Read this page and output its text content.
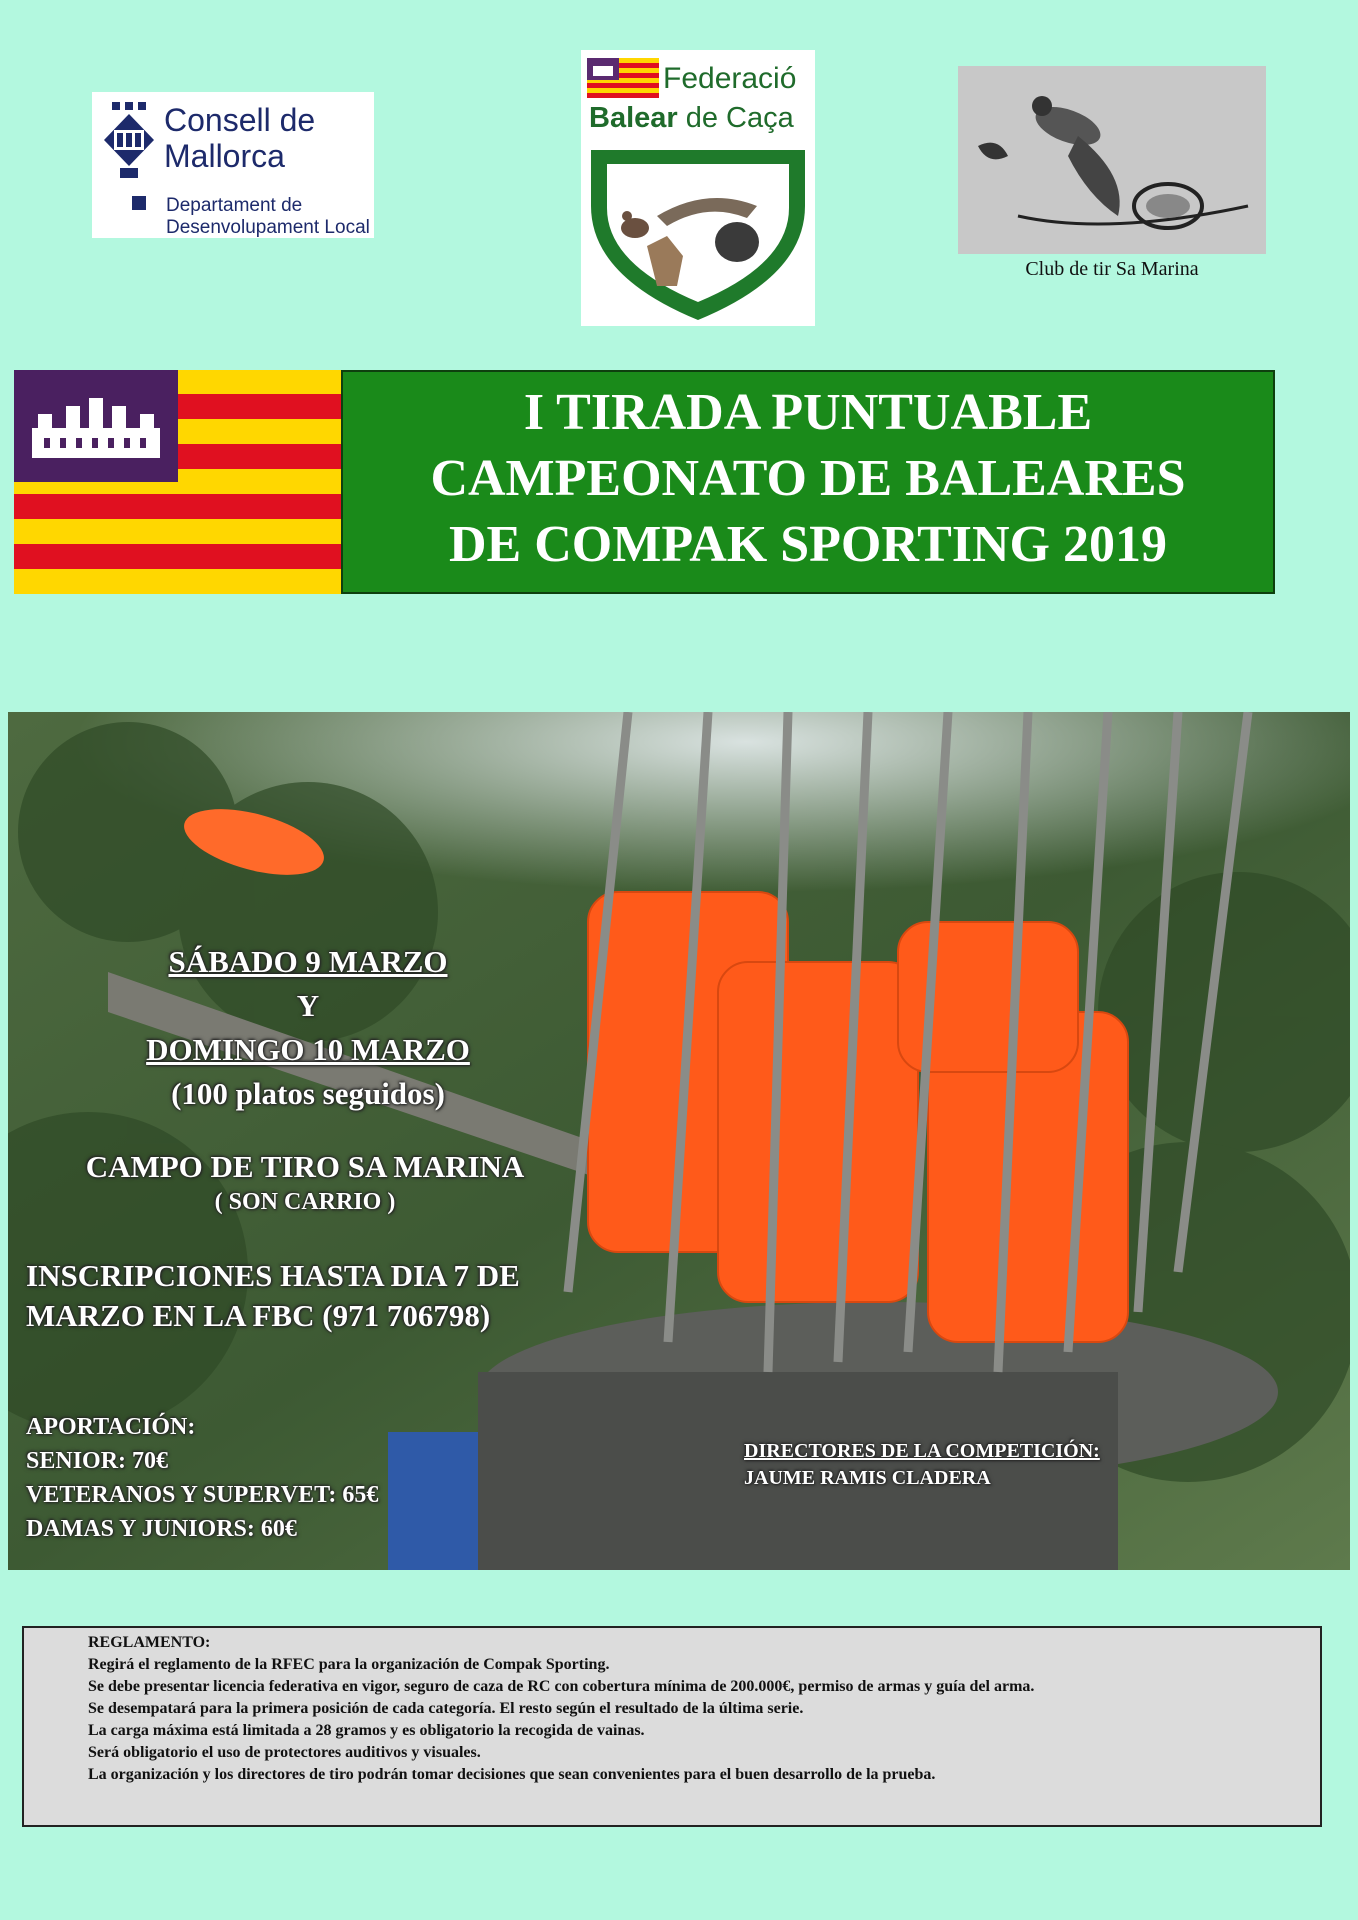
Consell de
Mallorca
Departament de
Desenvolupament Local
Federació
Balear de Caça
Club de tir Sa Marina
I TIRADA PUNTUABLE
CAMPEONATO DE BALEARES
DE COMPAK SPORTING 2019
SÁBADO 9 MARZO
Y
DOMINGO 10 MARZO
(100 platos seguidos)
CAMPO DE TIRO SA MARINA
( SON CARRIO )
INSCRIPCIONES HASTA DIA 7 DE MARZO EN LA FBC (971 706798)
APORTACIÓN:
SENIOR: 70€
VETERANOS Y SUPERVET: 65€
DAMAS Y JUNIORS: 60€
DIRECTORES DE LA COMPETICIÓN:
JAUME RAMIS CLADERA
REGLAMENTO:
Regirá el reglamento de la RFEC para la organización de Compak Sporting.
Se debe presentar licencia federativa en vigor, seguro de caza de RC con cobertura mínima de 200.000€, permiso de armas y guía del arma.
Se desempatará para la primera posición de cada categoría. El resto según el resultado de la última serie.
La carga máxima está limitada a 28 gramos y es obligatorio la recogida de vainas.
Será obligatorio el uso de protectores auditivos y visuales.
La organización y los directores de tiro podrán tomar decisiones que sean convenientes para el buen desarrollo de la prueba.
